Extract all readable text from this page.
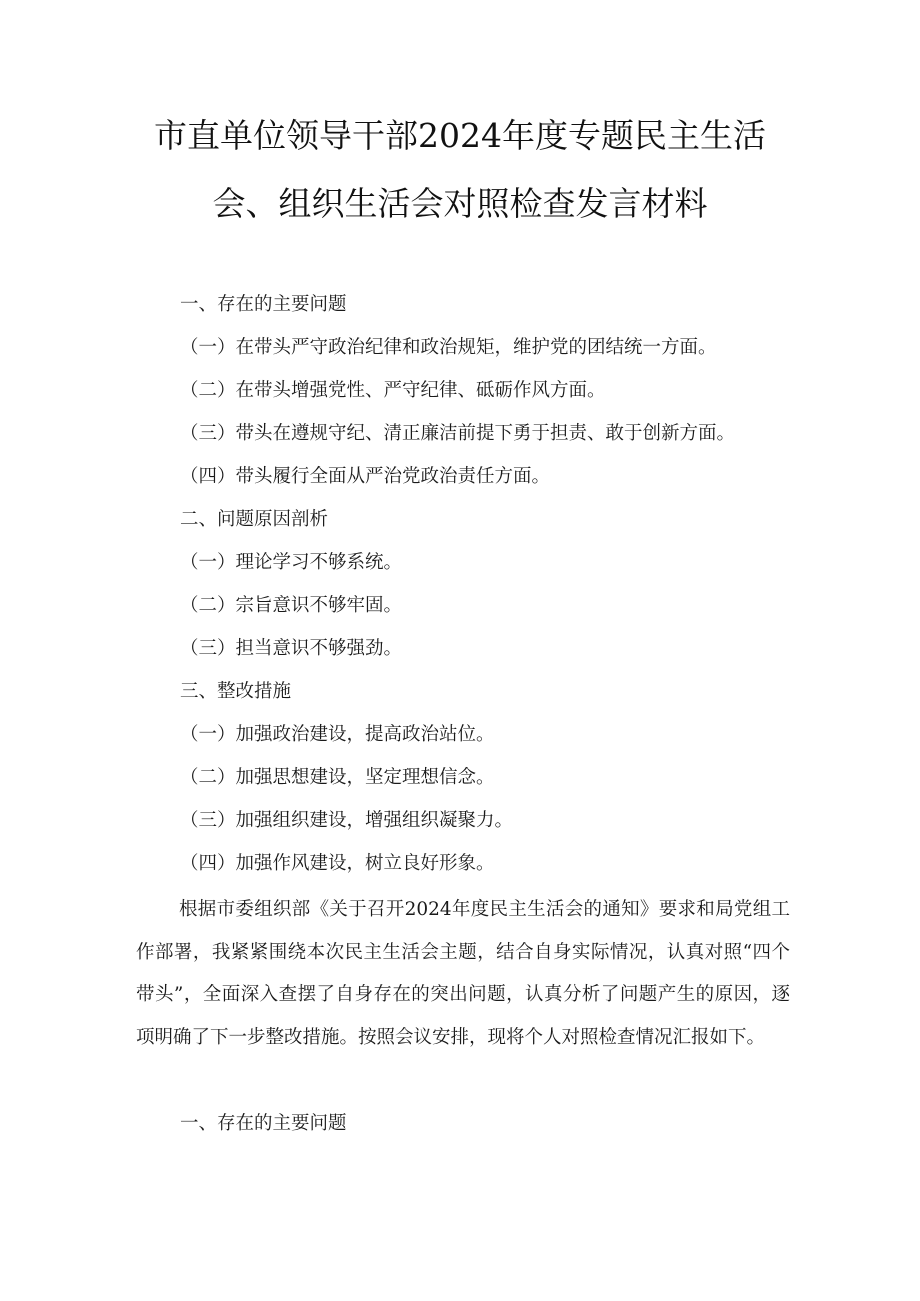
市直单位领导干部2024年度专题民主生活
会、组织生活会对照检查发言材料
一、存在的主要问题
（一）在带头严守政治纪律和政治规矩，维护党的团结统一方面。
（二）在带头增强党性、严守纪律、砥砺作风方面。
（三）带头在遵规守纪、清正廉洁前提下勇于担责、敢于创新方面。
（四）带头履行全面从严治党政治责任方面。
二、问题原因剖析
（一）理论学习不够系统。
（二）宗旨意识不够牢固。
（三）担当意识不够强劲。
三、整改措施
（一）加强政治建设，提高政治站位。
（二）加强思想建设，坚定理想信念。
（三）加强组织建设，增强组织凝聚力。
（四）加强作风建设，树立良好形象。
根据市委组织部《关于召开2024年度民主生活会的通知》要求和局党组工作部署，我紧紧围绕本次民主生活会主题，结合自身实际情况，认真对照“四个带头”，全面深入查摆了自身存在的突出问题，认真分析了问题产生的原因，逐项明确了下一步整改措施。按照会议安排，现将个人对照检查情况汇报如下。
一、存在的主要问题
